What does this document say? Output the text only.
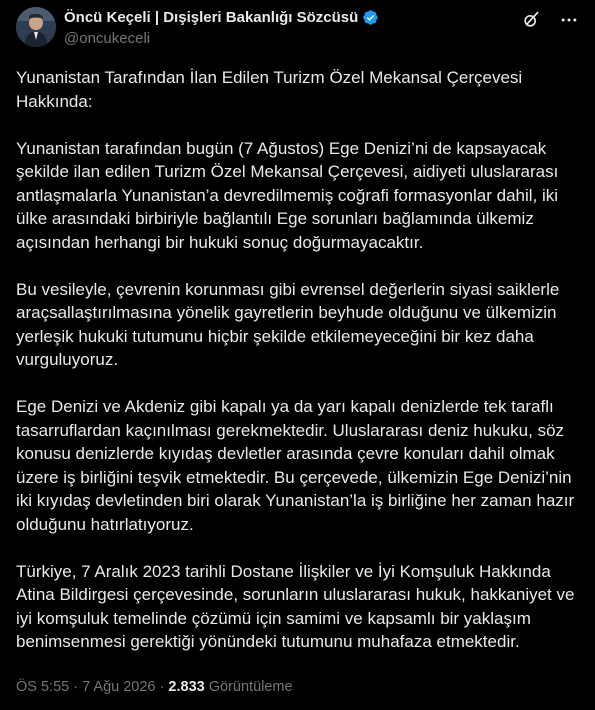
Öncü Keçeli | Dışişleri Bakanlığı Sözcüsü
@oncukeceli

Yunanistan Tarafından İlan Edilen Turizm Özel Mekansal Çerçevesi Hakkında:

Yunanistan tarafından bugün (7 Ağustos) Ege Denizi’ni de kapsayacak şekilde ilan edilen Turizm Özel Mekansal Çerçevesi, aidiyeti uluslararası antlaşmalarla Yunanistan’a devredilmemiş coğrafi formasyonlar dahil, iki ülke arasındaki birbiriyle bağlantılı Ege sorunları bağlamında ülkemiz açısından herhangi bir hukuki sonuç doğurmayacaktır.

Bu vesileyle, çevrenin korunması gibi evrensel değerlerin siyasi saiklerle araçsallaştırılmasına yönelik gayretlerin beyhude olduğunu ve ülkemizin yerleşik hukuki tutumunu hiçbir şekilde etkilemeyeceğini bir kez daha vurguluyoruz.

Ege Denizi ve Akdeniz gibi kapalı ya da yarı kapalı denizlerde tek taraflı tasarruflardan kaçınılması gerekmektedir. Uluslararası deniz hukuku, söz konusu denizlerde kıyıdaş devletler arasında çevre konuları dahil olmak üzere iş birliğini teşvik etmektedir. Bu çerçevede, ülkemizin Ege Denizi’nin iki kıyıdaş devletinden biri olarak Yunanistan’la iş birliğine her zaman hazır olduğunu hatırlatıyoruz.

Türkiye, 7 Aralık 2023 tarihli Dostane İlişkiler ve İyi Komşuluk Hakkında Atina Bildirgesi çerçevesinde, sorunların uluslararası hukuk, hakkaniyet ve iyi komşuluk temelinde çözümü için samimi ve kapsamlı bir yaklaşım benimsenmesi gerektiği yönündeki tutumunu muhafaza etmektedir.

ÖS 5:55 · 7 Ağu 2026 · 2.833 Görüntüleme
